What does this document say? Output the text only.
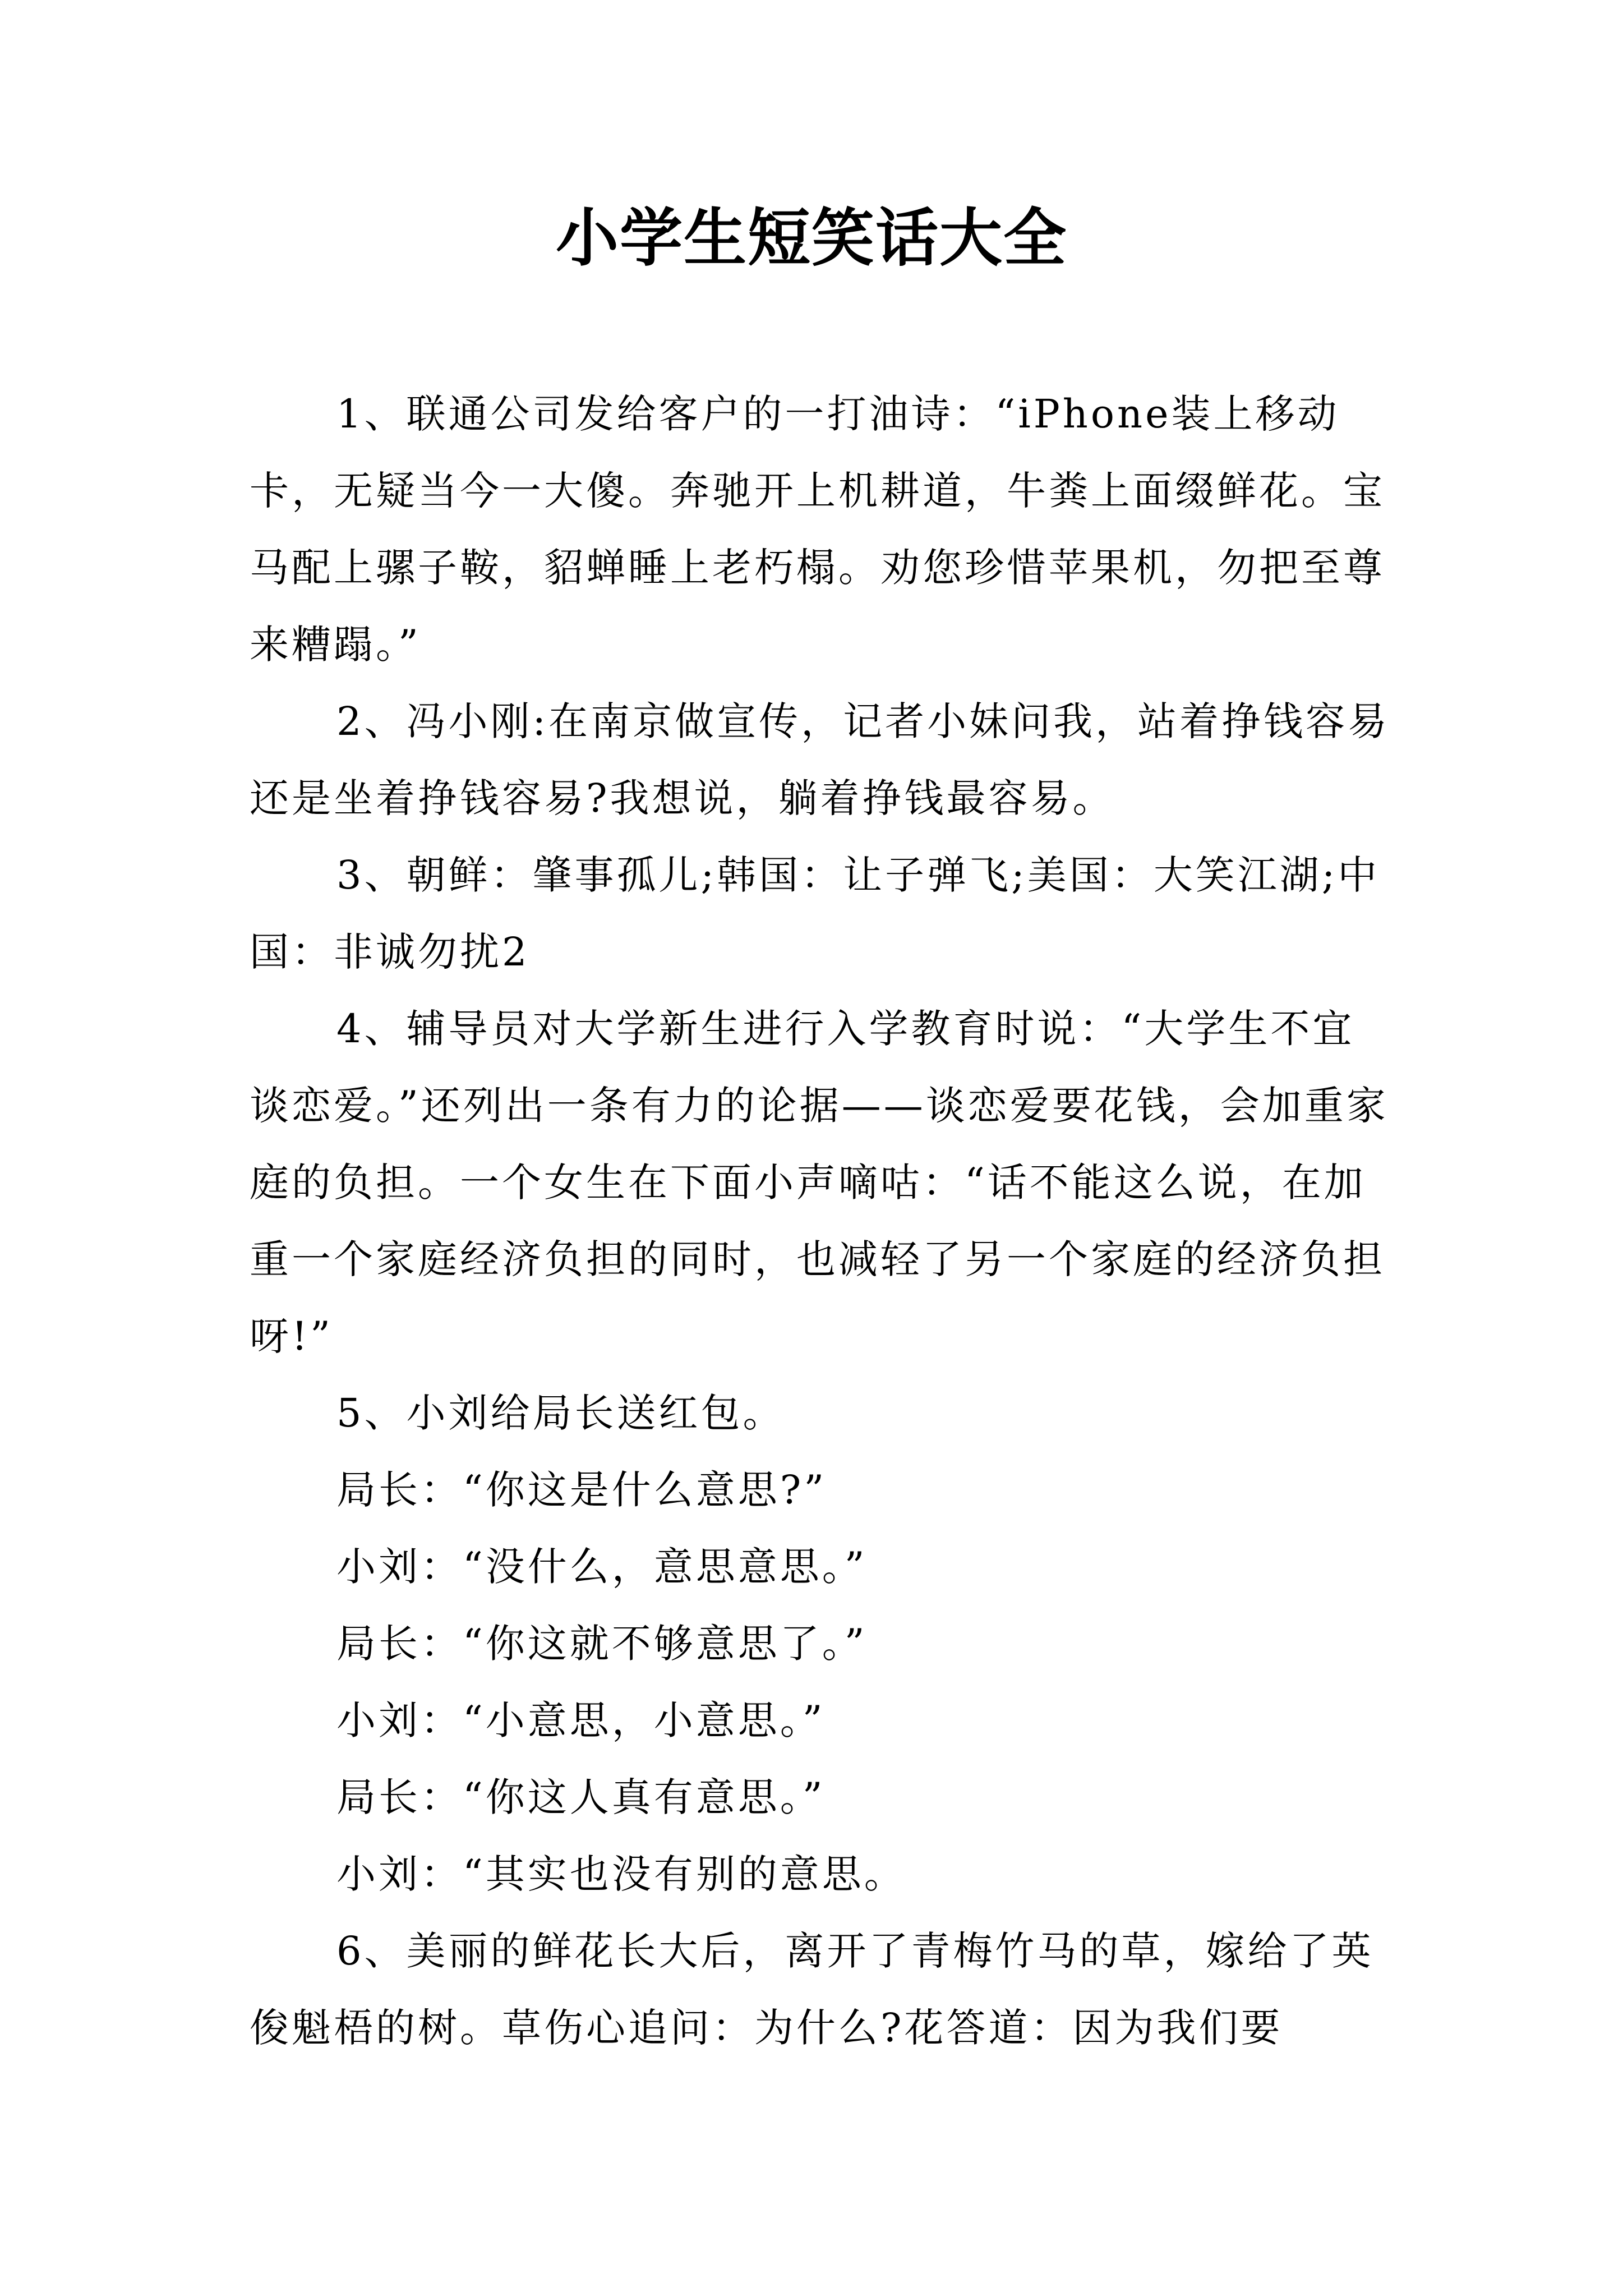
小学生短笑话大全

1、联通公司发给客户的一打油诗：“iPhone装上移动卡，无疑当今一大傻。奔驰开上机耕道，牛粪上面缀鲜花。宝马配上骡子鞍，貂蝉睡上老朽榻。劝您珍惜苹果机，勿把至尊来糟蹋。”

2、冯小刚:在南京做宣传，记者小妹问我，站着挣钱容易还是坐着挣钱容易?我想说，躺着挣钱最容易。

3、朝鲜：肇事孤儿;韩国：让子弹飞;美国：大笑江湖;中国：非诚勿扰2

4、辅导员对大学新生进行入学教育时说：“大学生不宜谈恋爱。”还列出一条有力的论据——谈恋爱要花钱，会加重家庭的负担。一个女生在下面小声嘀咕：“话不能这么说，在加重一个家庭经济负担的同时，也减轻了另一个家庭的经济负担呀!”

5、小刘给局长送红包。

局长：“你这是什么意思?”

小刘：“没什么，意思意思。”

局长：“你这就不够意思了。”

小刘：“小意思，小意思。”

局长：“你这人真有意思。”

小刘：“其实也没有别的意思。

6、美丽的鲜花长大后，离开了青梅竹马的草，嫁给了英俊魁梧的树。草伤心追问：为什么?花答道：因为我们要
